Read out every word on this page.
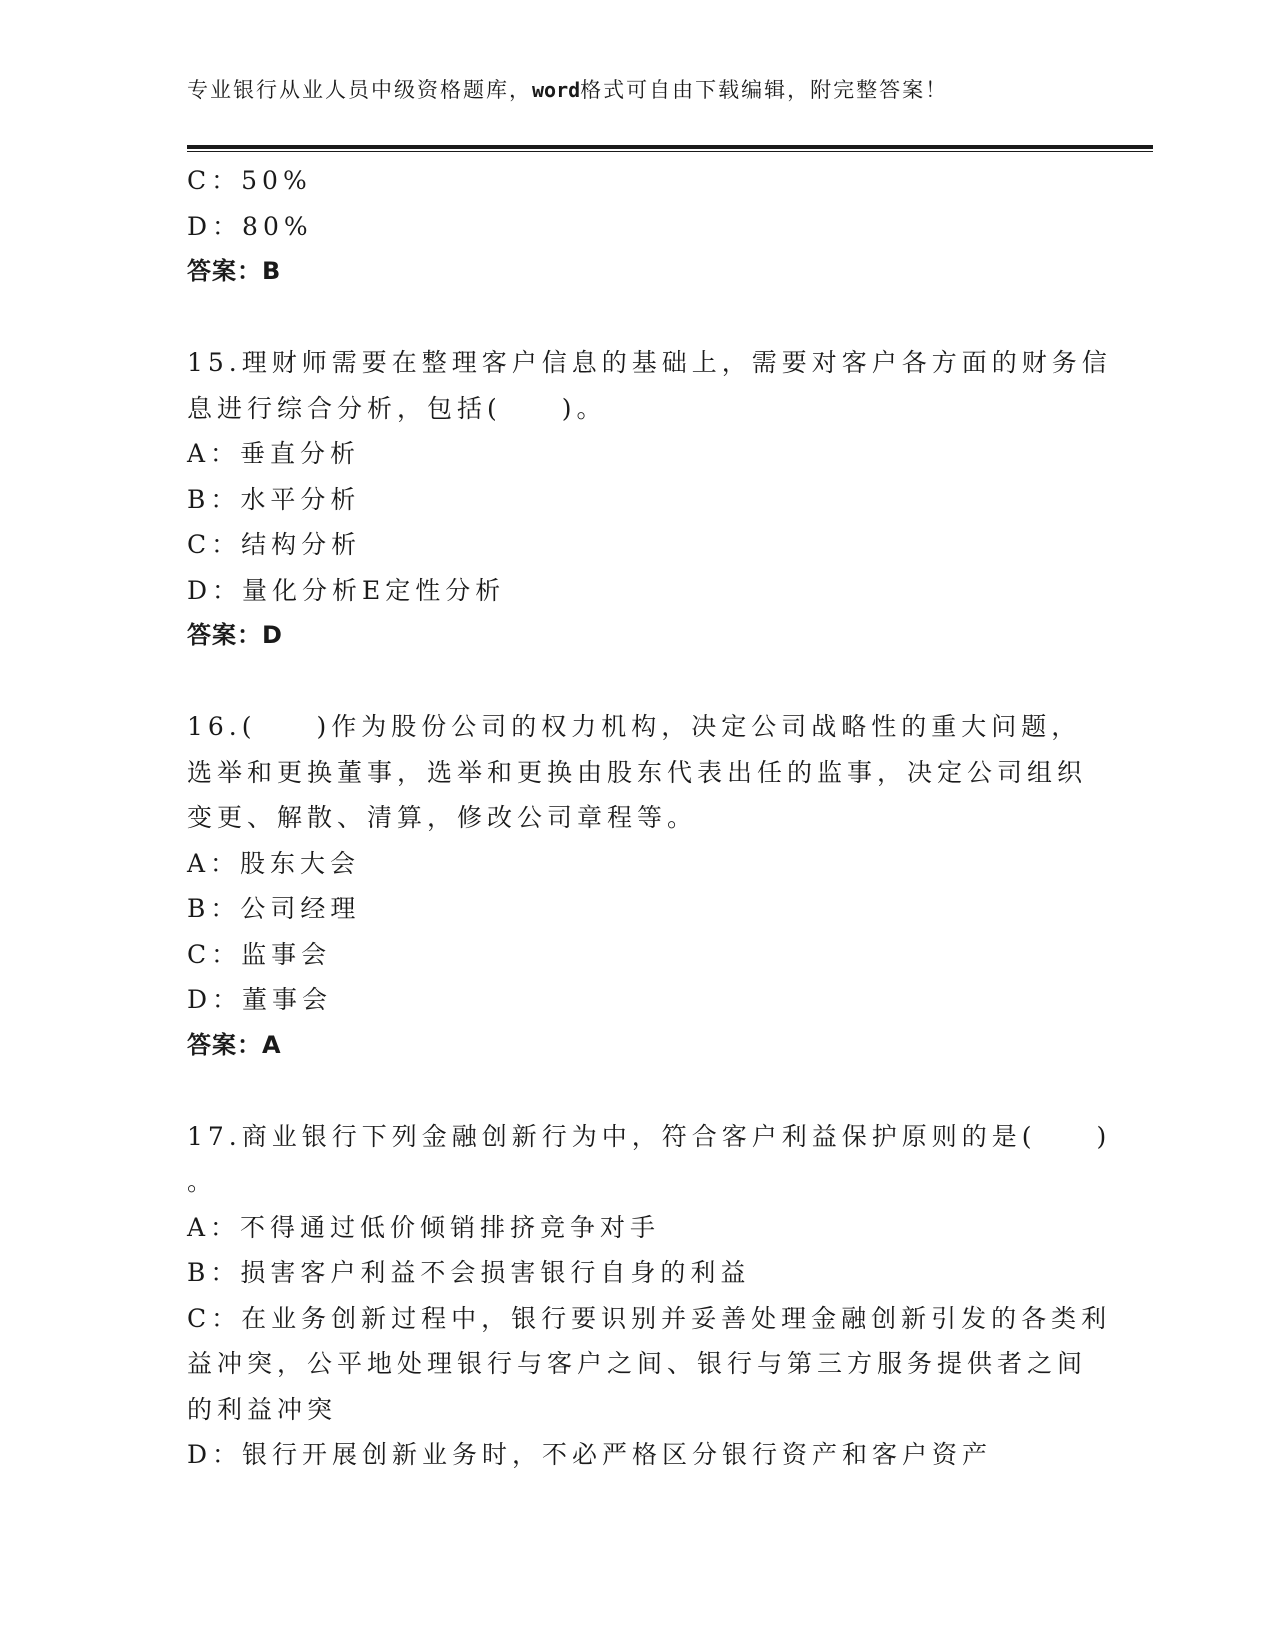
专业银行从业人员中级资格题库，word格式可自由下载编辑，附完整答案！
C：50%
D：80%
答案：B
15.理财师需要在整理客户信息的基础上，需要对客户各方面的财务信
息进行综合分析，包括(　　)。
A：垂直分析
B：水平分析
C：结构分析
D：量化分析E定性分析
答案：D
16.(　　)作为股份公司的权力机构，决定公司战略性的重大问题，
选举和更换董事，选举和更换由股东代表出任的监事，决定公司组织
变更、解散、清算，修改公司章程等。
A：股东大会
B：公司经理
C：监事会
D：董事会
答案：A
17.商业银行下列金融创新行为中，符合客户利益保护原则的是(　　)
。
A：不得通过低价倾销排挤竞争对手
B：损害客户利益不会损害银行自身的利益
C：在业务创新过程中，银行要识别并妥善处理金融创新引发的各类利
益冲突，公平地处理银行与客户之间、银行与第三方服务提供者之间
的利益冲突
D：银行开展创新业务时，不必严格区分银行资产和客户资产
